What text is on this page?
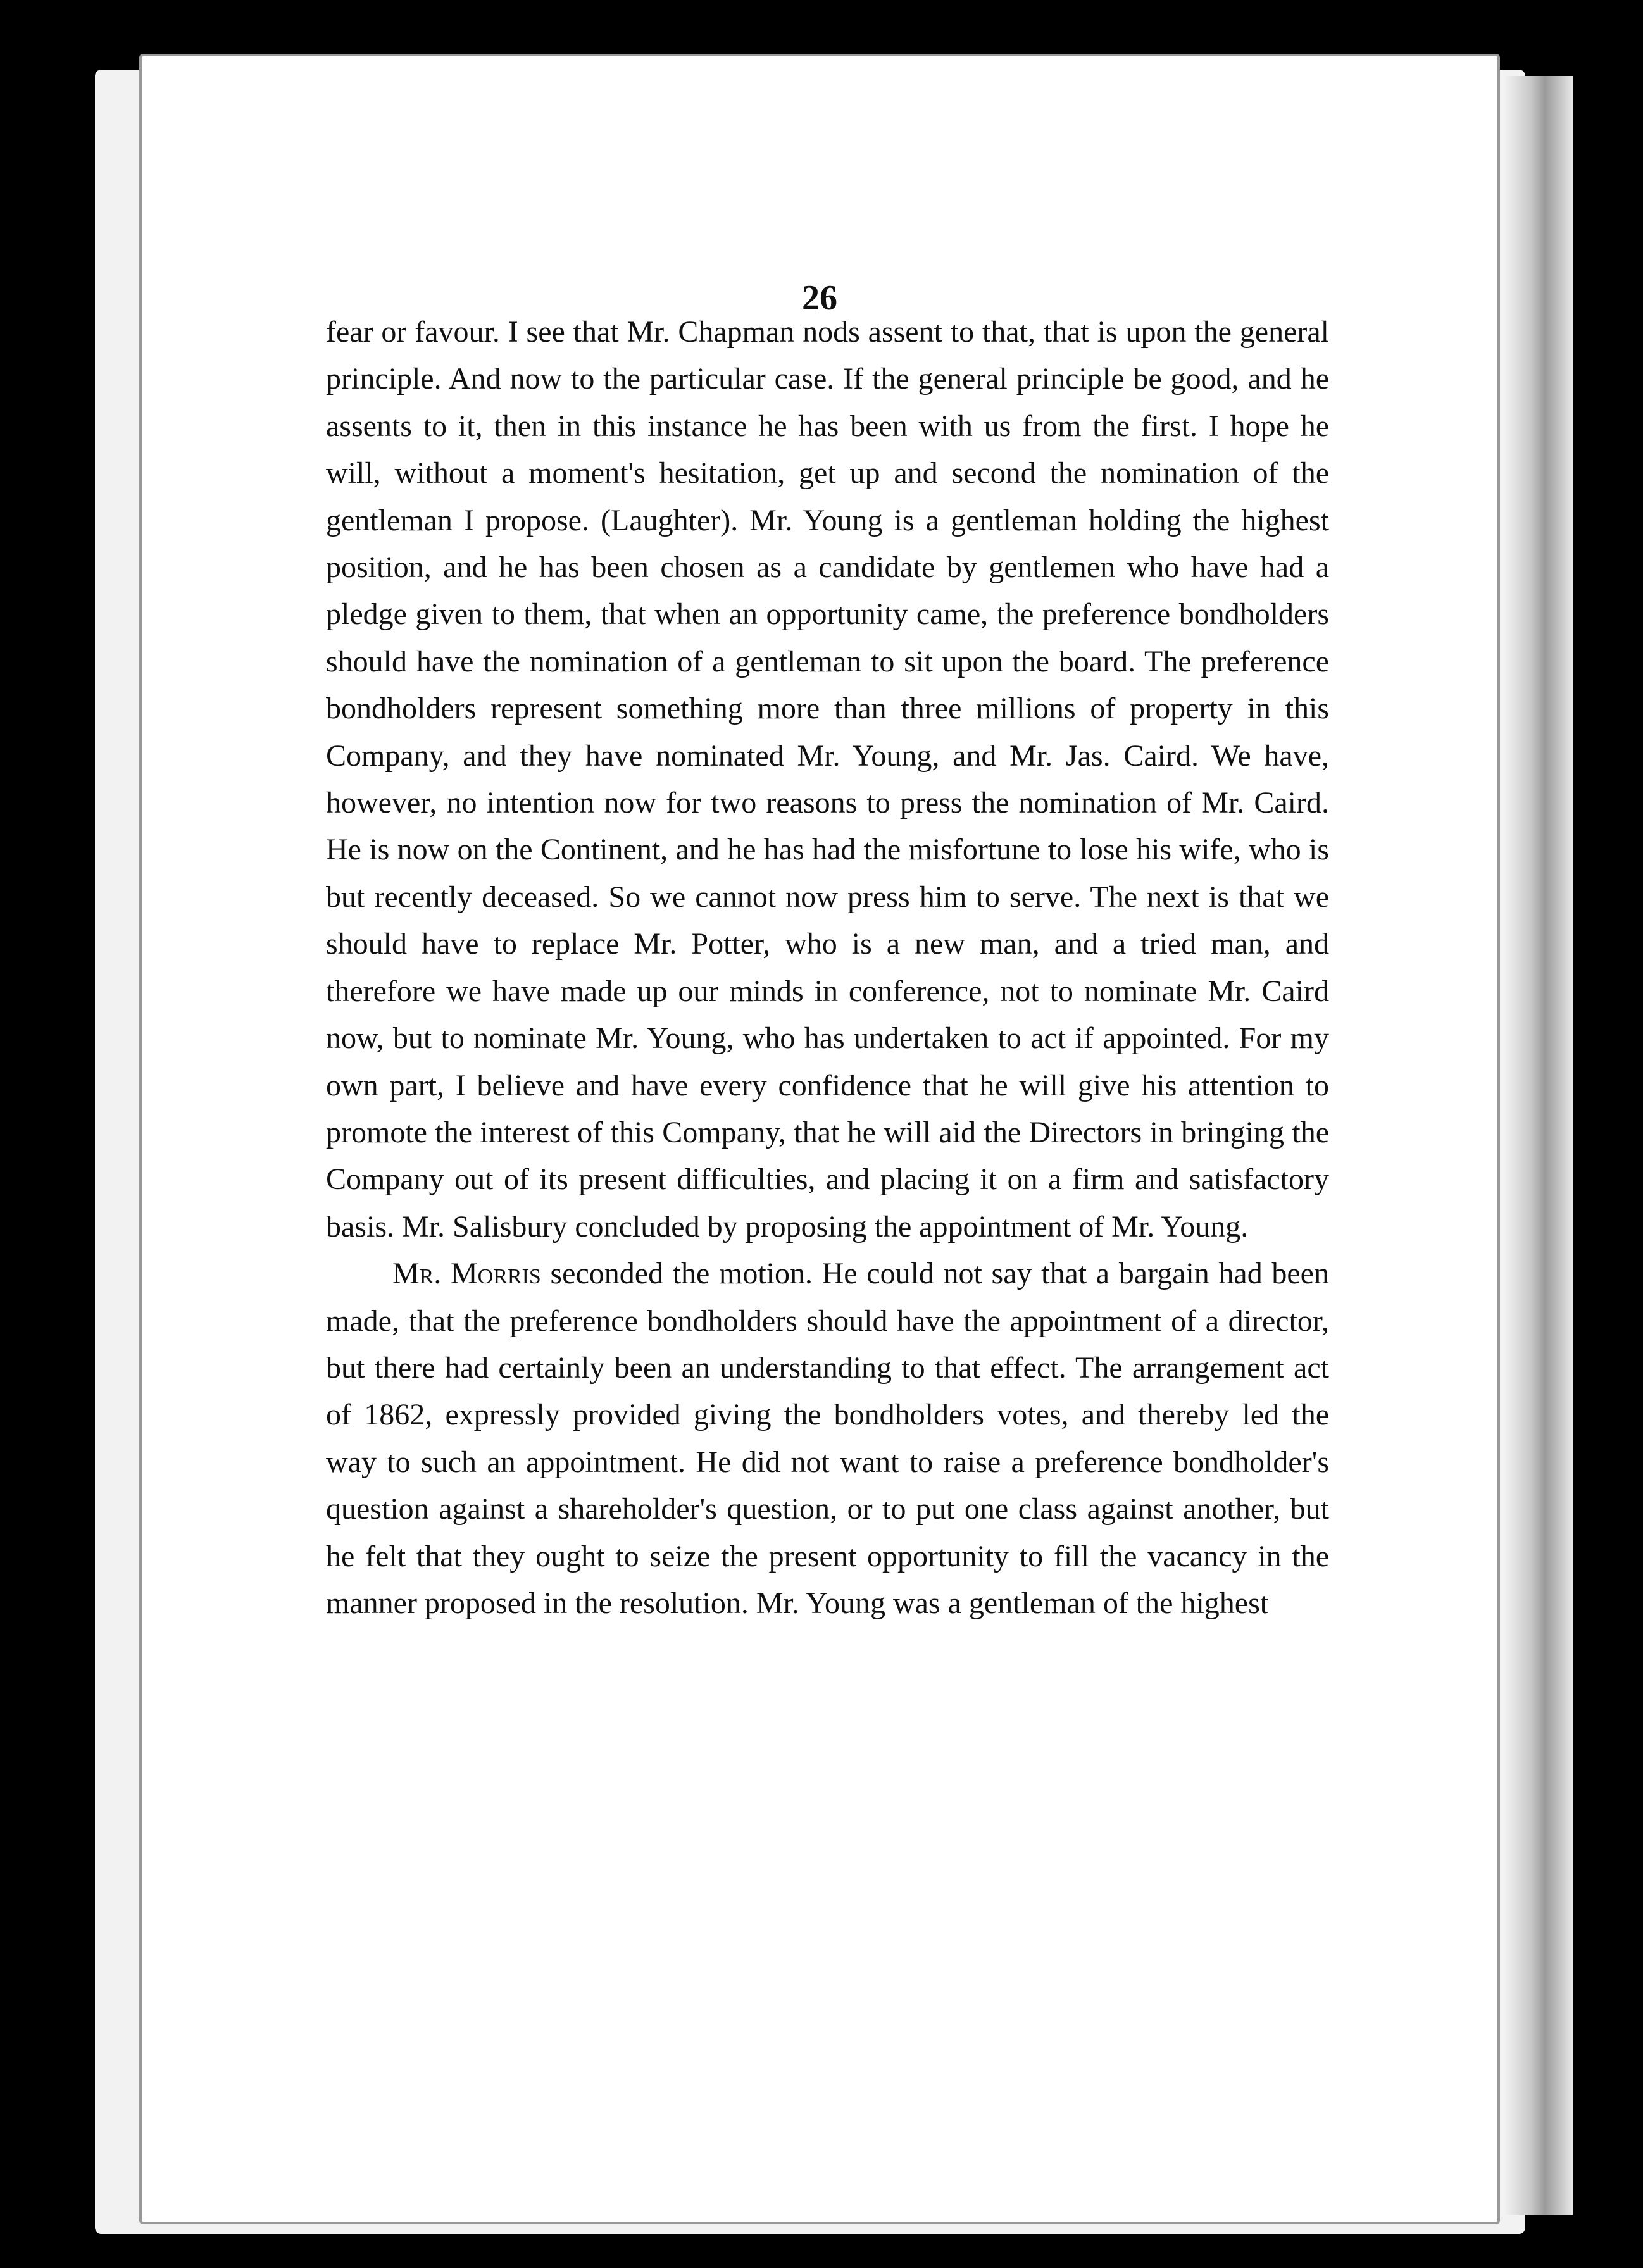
26

fear or favour. I see that Mr. Chapman nods assent to that, that is upon the general principle. And now to the particular case. If the general principle be good, and he assents to it, then in this instance he has been with us from the first. I hope he will, without a moment's hesitation, get up and second the nomination of the gentleman I propose. (Laughter). Mr. Young is a gentleman holding the highest position, and he has been chosen as a candidate by gentlemen who have had a pledge given to them, that when an opportunity came, the preference bondholders should have the nomination of a gentleman to sit upon the board. The preference bondholders represent something more than three millions of property in this Company, and they have nominated Mr. Young, and Mr. Jas. Caird. We have, however, no intention now for two reasons to press the nomination of Mr. Caird. He is now on the Continent, and he has had the misfortune to lose his wife, who is but recently deceased. So we cannot now press him to serve. The next is that we should have to replace Mr. Potter, who is a new man, and a tried man, and therefore we have made up our minds in conference, not to nominate Mr. Caird now, but to nominate Mr. Young, who has undertaken to act if appointed. For my own part, I believe and have every confidence that he will give his attention to promote the interest of this Company, that he will aid the Directors in bringing the Company out of its present difficulties, and placing it on a firm and satisfactory basis. Mr. Salisbury concluded by proposing the appointment of Mr. Young.

Mr. Morris seconded the motion. He could not say that a bargain had been made, that the preference bondholders should have the appointment of a director, but there had certainly been an understanding to that effect. The arrangement act of 1862, expressly provided giving the bondholders votes, and thereby led the way to such an appointment. He did not want to raise a preference bondholder's question against a shareholder's question, or to put one class against another, but he felt that they ought to seize the present opportunity to fill the vacancy in the manner proposed in the resolution. Mr. Young was a gentleman of the highest
